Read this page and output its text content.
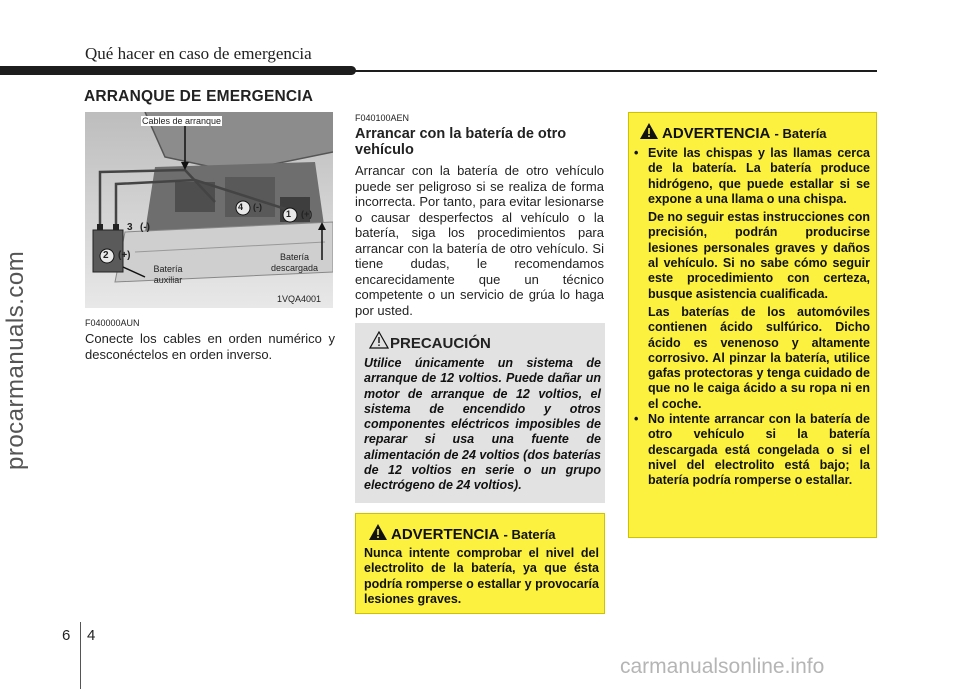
Qué hacer en caso de emergencia
ARRANQUE DE EMERGENCIA
procarmanuals.com
Cables de arranque
4 (-)
1 (+)
3 (-)
2 (+)
Batería auxiliar
Batería descargada
1VQA4001
F040000AUN
Conecte los cables en orden numérico y desconéctelos en orden inverso.
F040100AEN
Arrancar con la batería de otro vehículo
Arrancar con la batería de otro vehículo puede ser peligroso si se realiza de forma incorrecta. Por tanto, para evitar lesionarse o causar desperfectos al vehículo o la batería, siga los procedimientos para arrancar con la batería de otro vehículo. Si tiene dudas, le recomendamos encarecidamente que un técnico competente o un servicio de grúa lo haga por usted.
PRECAUCIÓN
Utilice únicamente un sistema de arranque de 12 voltios. Puede dañar un motor de arranque de 12 voltios, el sistema de encendido y otros componentes eléctricos imposibles de reparar si usa una fuente de alimentación de 24 voltios (dos baterías de 12 voltios en serie o un grupo electrógeno de 24 voltios).
ADVERTENCIA - Batería
Nunca intente comprobar el nivel del electrolito de la batería, ya que ésta podría romperse o estallar y provocaría lesiones graves.
ADVERTENCIA - Batería
• Evite las chispas y las llamas cerca de la batería. La batería produce hidrógeno, que puede estallar si se expone a una llama o una chispa.
De no seguir estas instrucciones con precisión, podrán producirse lesiones personales graves y daños al vehículo. Si no sabe cómo seguir este procedimiento con certeza, busque asistencia cualificada.
Las baterías de los automóviles contienen ácido sulfúrico. Dicho ácido es venenoso y altamente corrosivo. Al pinzar la batería, utilice gafas protectoras y tenga cuidado de que no le caiga ácido a su ropa ni en el coche.
• No intente arrancar con la batería de otro vehículo si la batería descargada está congelada o si el nivel del electrolito está bajo; la batería podría romperse o estallar.
6 4
carmanualsonline.info
